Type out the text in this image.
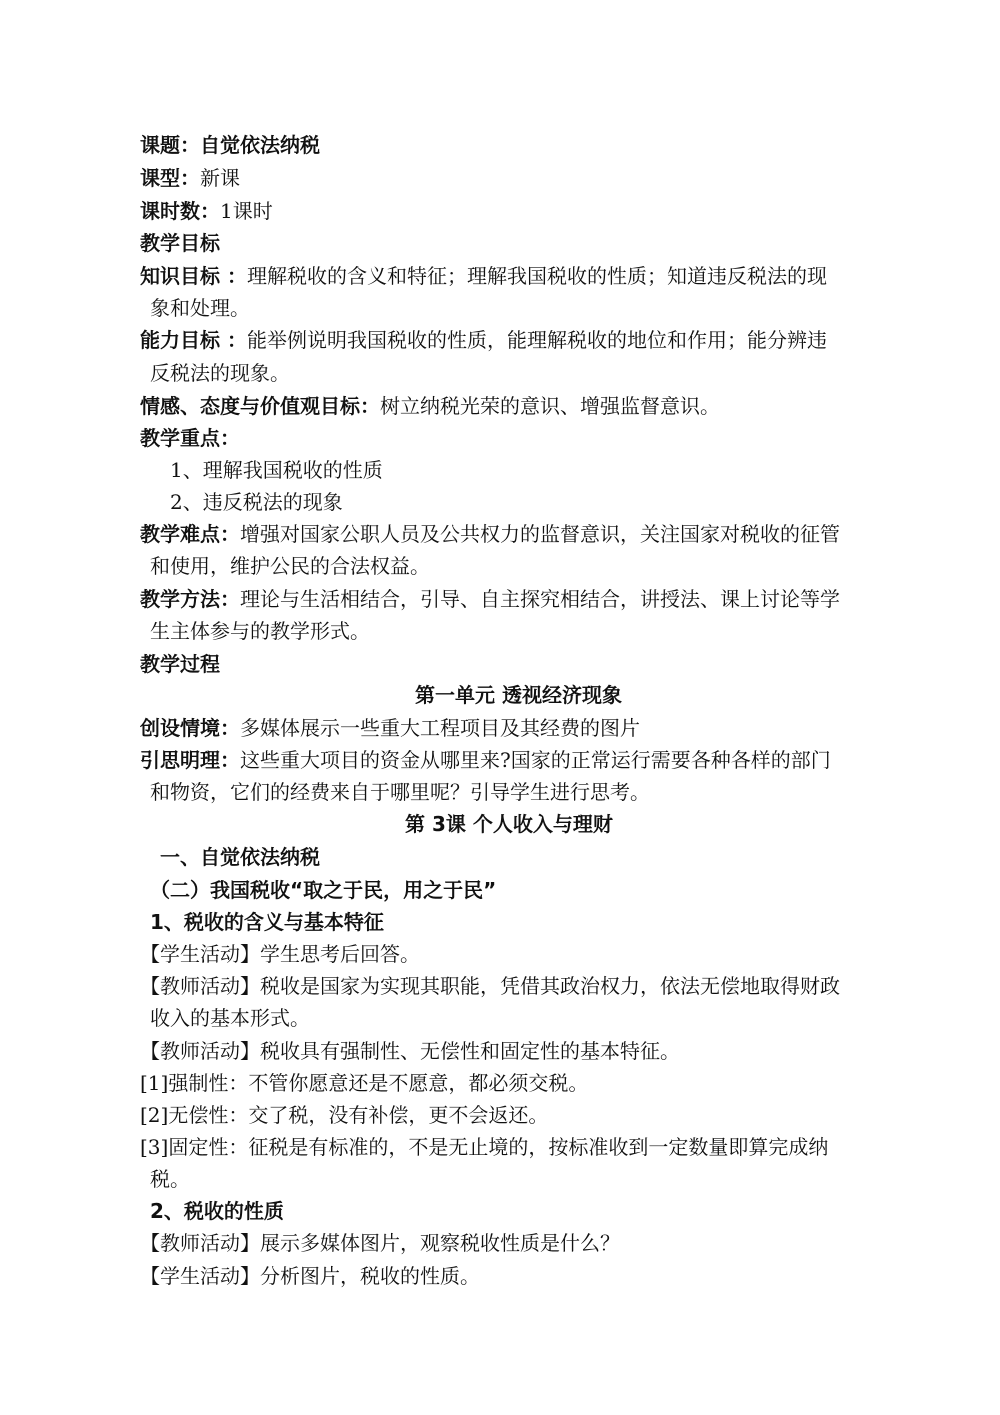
课题：自觉依法纳税
课型：新课
课时数：1课时
教学目标
知识目标 ：理解税收的含义和特征；理解我国税收的性质；知道违反税法的现
象和处理。
能力目标 ：能举例说明我国税收的性质，能理解税收的地位和作用；能分辨违
反税法的现象。
情感、态度与价值观目标：树立纳税光荣的意识、增强监督意识。
教学重点：
1、理解我国税收的性质
2、违反税法的现象
教学难点：增强对国家公职人员及公共权力的监督意识，关注国家对税收的征管
和使用，维护公民的合法权益。
教学方法：理论与生活相结合，引导、自主探究相结合，讲授法、课上讨论等学
生主体参与的教学形式。
教学过程
第一单元 透视经济现象
创设情境：多媒体展示一些重大工程项目及其经费的图片
引思明理：这些重大项目的资金从哪里来?国家的正常运行需要各种各样的部门
和物资，它们的经费来自于哪里呢？引导学生进行思考。
第 3课 个人收入与理财
一、自觉依法纳税
（二）我国税收“取之于民，用之于民”
1、税收的含义与基本特征
【学生活动】学生思考后回答。
【教师活动】税收是国家为实现其职能，凭借其政治权力，依法无偿地取得财政
收入的基本形式。
【教师活动】税收具有强制性、无偿性和固定性的基本特征。
[1]强制性：不管你愿意还是不愿意，都必须交税。
[2]无偿性：交了税，没有补偿，更不会返还。
[3]固定性：征税是有标准的，不是无止境的，按标准收到一定数量即算完成纳
税。
2、税收的性质
【教师活动】展示多媒体图片，观察税收性质是什么？
【学生活动】分析图片，税收的性质。
